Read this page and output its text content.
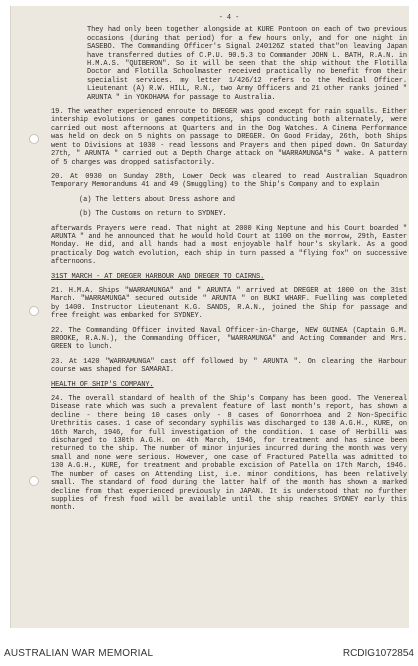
- 4 -

They had only been together alongside at KURE Pontoon on each of two previous occasions (during that period) for a few hours only, and for one night in SASEBO. The Commanding Officer's Signal 240126Z stated that"on leaving Japan have transferred duties of C.P.U. 90.5.3 to Commander JOHN L. BATH, R.A.N. in H.M.A.S. "QUIBERON". So it will be seen that the ship without the Flotilla Doctor and Flotilla Schoolmaster received practically no benefit from their specialist services. my letter 1/426/12 refers to the Medical Officer. Lieutenant (A) R.W. HILL, R.N., two Army Officers and 21 other ranks joined " ARUNTA " in YOKOHAMA for passage to Australia.

19. The weather experienced enroute to DREGER was good except for rain squalls. Either intership evolutions or games competitions, ships conducting both alternately, were carried out most afternoons at Quarters and in the Dog Watches. A Cinema Performance was held on deck on 5 nights on passage to DREGER. On Good Friday, 26th, both Ships went to Divisions at 1030 - read lessons and Prayers and then piped down. On Saturday 27th, " ARUNTA " carried out a Depth Charge attack on "WARRAMUNGA"S " wake. A pattern of 5 charges was dropped satisfactorily.

20. At 0930 on Sunday 28th, Lower Deck was cleared to read Australian Squadron Temporary Memorandums 41 and 49 (Smuggling) to the Ship's Company and to explain

(a) The letters about Dress ashore and
(b) The Customs on return to SYDNEY.

afterwards Prayers were read. That night at 2000 King Neptune and his Court boarded " ARUNTA " and he announced that he would hold Court at 1100 on the morrow, 29th, Easter Monday. He did, and all hands had a most enjoyable half hour's skylark. As a good practicaly Dog watch evolution, each ship in turn passed a "flying fox" on successive afternoons.

31ST MARCH - AT DREGER HARBOUR AND DREGER TO CAIRNS.

21. H.M.A. Ships "WARRAMUNGA" and " ARUNTA " arrived at DREGER at 1000 on the 31st March. "WARRAMUNGA" secured outside " ARUNTA " on BUKI WHARF. Fuelling was completed by 1400. Instructor Lieutenant K.G. SANDS, R.A.N., joined the Ship for passage and free freight was embarked for SYDNEY.

22. The Commanding Officer invited Naval Officer-in-Charge, NEW GUINEA (Captain G.M. BROOKE, R.A.N.), the Commanding Officer, "WARRAMUNGA" and Acting Commander and Mrs. GREEN to lunch.

23. At 1420 "WARRAMUNGA" cast off followed by " ARUNTA ". On clearing the Harbour course was shaped for SAMARAI.

HEALTH OF SHIP'S COMPANY.

24. The overall standard of health of the Ship's Company has been good. The Venereal Disease rate which was such a prevalent feature of last month's report, has shown a decline - there being 10 cases only - 8 cases of Gonorrhoea and 2 Non-Specific Urethritis cases. 1 case of secondary syphilis was discharged to 130 A.G.H., KURE, on 16th March, 1946, for full investigation of the condition. 1 case of Herbilli was discharged to 130th A.G.H. on 4th March, 1946, for treatment and has since been returned to the ship. The number of minor injuries incurred during the month was very small and none were serious. However, one case of Fractured Patella was admitted to 130 A.G.H., KURE, for treatment and probable excision of Patella on 17th March, 1946. The number of cases on Attending List, i.e. minor conditions, has been relatively small. The standard of food during the latter half of the month has shown a marked decline from that experienced previously in JAPAN. It is understood that no further supplies of fresh food will be available until the ship reaches SYDNEY early this month.

AUSTRALIAN WAR MEMORIAL	RCDIG1072854
